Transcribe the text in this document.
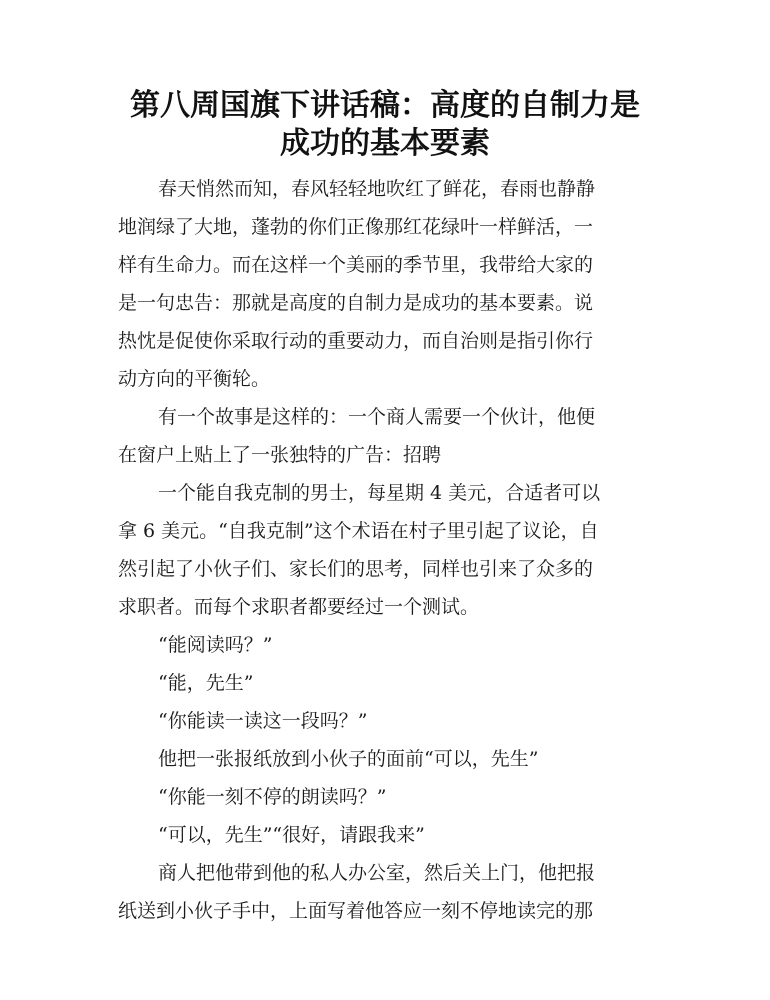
第八周国旗下讲话稿：高度的自制力是
成功的基本要素
春天悄然而知，春风轻轻地吹红了鲜花，春雨也静静
地润绿了大地，蓬勃的你们正像那红花绿叶一样鲜活，一
样有生命力。而在这样一个美丽的季节里，我带给大家的
是一句忠告：那就是高度的自制力是成功的基本要素。说
热忱是促使你采取行动的重要动力，而自治则是指引你行
动方向的平衡轮。
有一个故事是这样的：一个商人需要一个伙计，他便
在窗户上贴上了一张独特的广告：招聘
一个能自我克制的男士，每星期 4 美元，合适者可以
拿 6 美元。“自我克制”这个术语在村子里引起了议论，自
然引起了小伙子们、家长们的思考，同样也引来了众多的
求职者。而每个求职者都要经过一个测试。
“能阅读吗？”
“能，先生”
“你能读一读这一段吗？”
他把一张报纸放到小伙子的面前“可以，先生”
“你能一刻不停的朗读吗？”
“可以，先生”“很好，请跟我来”
商人把他带到他的私人办公室，然后关上门，他把报
纸送到小伙子手中，上面写着他答应一刻不停地读完的那
